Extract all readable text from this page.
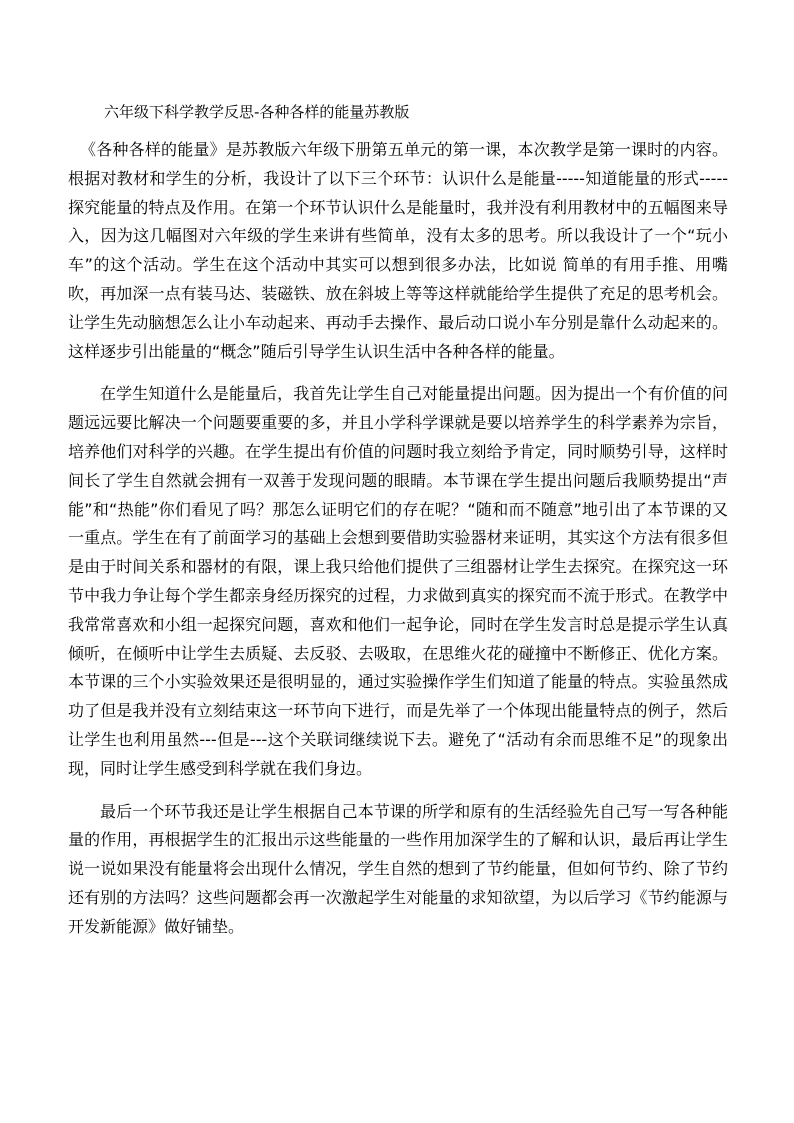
六年级下科学教学反思-各种各样的能量苏教版

《各种各样的能量》是苏教版六年级下册第五单元的第一课，本次教学是第一课时的内容。根据对教材和学生的分析，我设计了以下三个环节：认识什么是能量-----知道能量的形式-----探究能量的特点及作用。在第一个环节认识什么是能量时，我并没有利用教材中的五幅图来导入，因为这几幅图对六年级的学生来讲有些简单，没有太多的思考。所以我设计了一个“玩小车”的这个活动。学生在这个活动中其实可以想到很多办法，比如说 简单的有用手推、用嘴吹，再加深一点有装马达、装磁铁、放在斜坡上等等这样就能给学生提供了充足的思考机会。让学生先动脑想怎么让小车动起来、再动手去操作、最后动口说小车分别是靠什么动起来的。这样逐步引出能量的“概念”随后引导学生认识生活中各种各样的能量。

在学生知道什么是能量后，我首先让学生自己对能量提出问题。因为提出一个有价值的问题远远要比解决一个问题要重要的多，并且小学科学课就是要以培养学生的科学素养为宗旨，培养他们对科学的兴趣。在学生提出有价值的问题时我立刻给予肯定，同时顺势引导，这样时间长了学生自然就会拥有一双善于发现问题的眼睛。本节课在学生提出问题后我顺势提出“声能”和“热能”你们看见了吗？那怎么证明它们的存在呢？“随和而不随意”地引出了本节课的又一重点。学生在有了前面学习的基础上会想到要借助实验器材来证明，其实这个方法有很多但是由于时间关系和器材的有限，课上我只给他们提供了三组器材让学生去探究。在探究这一环节中我力争让每个学生都亲身经历探究的过程，力求做到真实的探究而不流于形式。在教学中我常常喜欢和小组一起探究问题，喜欢和他们一起争论，同时在学生发言时总是提示学生认真倾听，在倾听中让学生去质疑、去反驳、去吸取，在思维火花的碰撞中不断修正、优化方案。本节课的三个小实验效果还是很明显的，通过实验操作学生们知道了能量的特点。实验虽然成功了但是我并没有立刻结束这一环节向下进行，而是先举了一个体现出能量特点的例子，然后让学生也利用虽然---但是---这个关联词继续说下去。避免了“活动有余而思维不足”的现象出现，同时让学生感受到科学就在我们身边。

最后一个环节我还是让学生根据自己本节课的所学和原有的生活经验先自己写一写各种能量的作用，再根据学生的汇报出示这些能量的一些作用加深学生的了解和认识，最后再让学生说一说如果没有能量将会出现什么情况，学生自然的想到了节约能量，但如何节约、除了节约还有别的方法吗？这些问题都会再一次激起学生对能量的求知欲望，为以后学习《节约能源与开发新能源》做好铺垫。
